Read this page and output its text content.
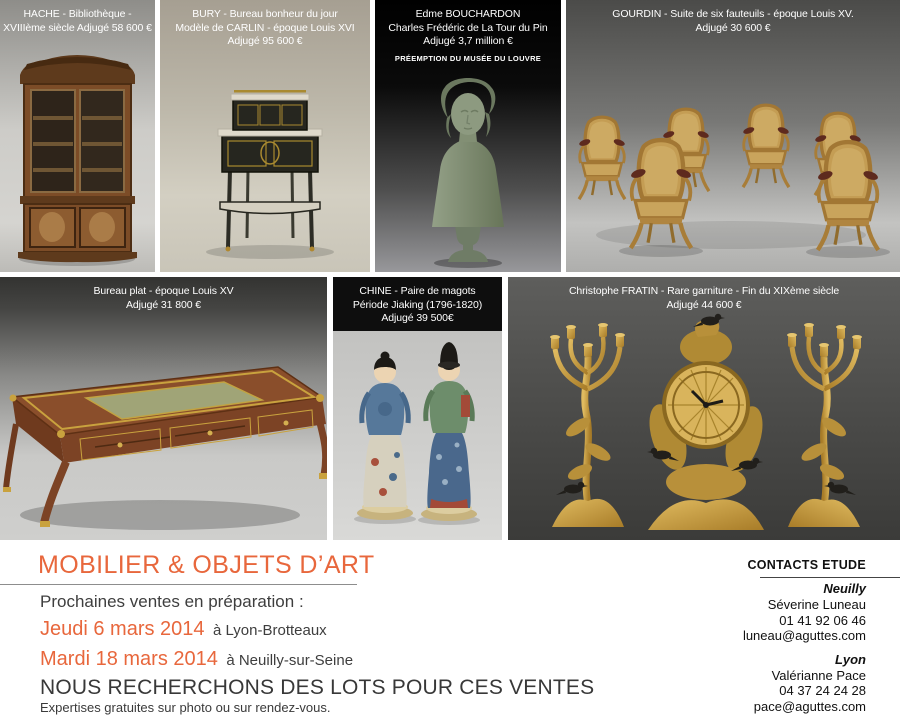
HACHE - Bibliothèque -
XVIIIème siècle Adjugé 58 600 €
BURY - Bureau bonheur du jour
Modèle de CARLIN - époque Louis XVI
Adjugé 95 600 €
Edme BOUCHARDON
Charles Frédéric de La Tour du Pin
Adjugé 3,7 million €
PRÉEMPTION DU MUSÉE DU LOUVRE
GOURDIN - Suite de six fauteuils - époque Louis XV.
Adjugé 30 600 €
Bureau plat - époque Louis XV
Adjugé 31 800 €
CHINE - Paire de magots
Période Jiaking (1796-1820)
Adjugé 39 500€
Christophe FRATIN - Rare garniture - Fin du XIXème siècle
Adjugé 44 600 €
MOBILIER & OBJETS D’ART
Prochaines ventes en préparation :
Jeudi 6 mars 2014 à Lyon-Brotteaux
Mardi 18 mars 2014 à Neuilly-sur-Seine
NOUS RECHERCHONS DES LOTS POUR CES VENTES
Expertises gratuites sur photo ou sur rendez-vous.
CONTACTS ETUDE
Neuilly
Séverine Luneau
01 41 92 06 46
luneau@aguttes.com
Lyon
Valérianne Pace
04 37 24 24 28
pace@aguttes.com
